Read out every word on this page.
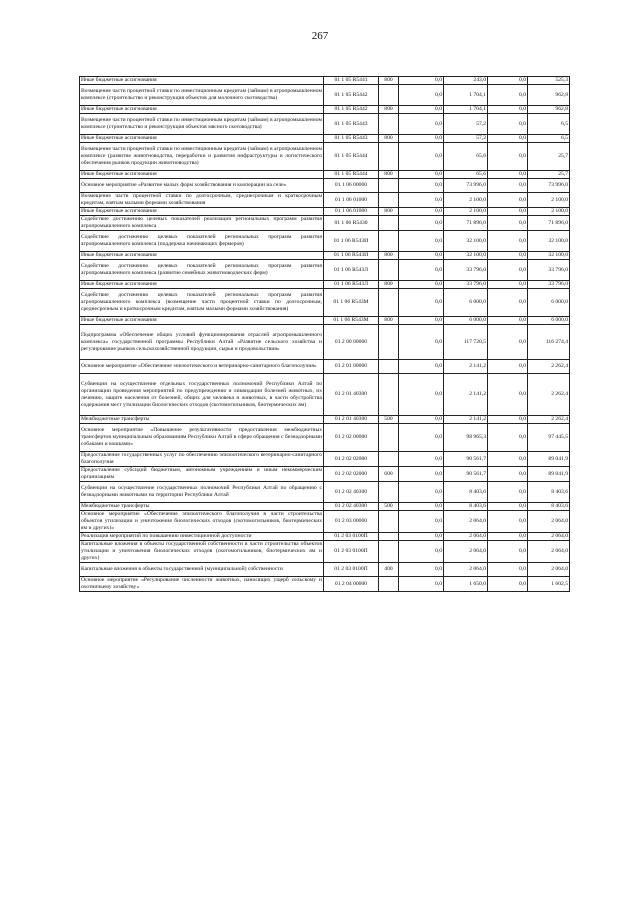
267
Иные бюджетные ассигнования	01 1 05 R5441	800	0,0	243,0	0,0	525,3
Возмещение части процентной ставки по инвестиционным кредитам (займам) в агропромышленном комплексе (строительство и реконструкция объектов для молочного скотоводства)	01 1 05 R5442		0,0	1 704,1	0,0	962,8
Иные бюджетные ассигнования	01 1 05 R5442	800	0,0	1 704,1	0,0	962,8
Возмещение части процентной ставки по инвестиционным кредитам (займам) в агропромышленном комплексе (строительство и реконструкция объектов мясного скотоводства)	01 1 05 R5443		0,0	57,2	0,0	6,5
Иные бюджетные ассигнования	01 1 05 R5443	800	0,0	57,2	0,0	6,5
Возмещение части процентной ставки по инвестиционным кредитам (займам) в агропромышленном комплексе (развитие животноводства, переработки и развития инфраструктуры и логистического обеспечения рынков продукции животноводства)	01 1 05 R5444		0,0	65,6	0,0	25,7
Иные бюджетные ассигнования	01 1 05 R5444	800	0,0	65,6	0,0	25,7
Основное мероприятие «Развитие малых форм хозяйствования и кооперации на селе»	01 1 06 00000		0,0	73 996,0	0,0	73 996,0
Возмещение части процентной ставки по долгосрочным, среднесрочным и краткосрочным кредитам, взятым малыми формами хозяйствования	01 1 06 01000		0,0	2 100,0	0,0	2 100,0
Иные бюджетные ассигнования	01 1 06 01000	800	0,0	2 100,0	0,0	2 100,0
Содействие достижению целевых показателей реализации региональных программ развития агропромышленного комплекса	01 1 06 R5430		0,0	71 896,0	0,0	71 896,0
Содействие достижению целевых показателей региональных программ развития агропромышленного комплекса (поддержка начинающих фермеров)	01 1 06 R543И		0,0	32 100,0	0,0	32 100,0
Иные бюджетные ассигнования	01 1 06 R543И	800	0,0	32 100,0	0,0	32 100,0
Содействие достижению целевых показателей региональных программ развития агропромышленного комплекса (развитие семейных животноводческих ферм)	01 1 06 R543Л		0,0	33 796,0	0,0	33 796,0
Иные бюджетные ассигнования	01 1 06 R543Л	800	0,0	33 796,0	0,0	33 796,0
Содействие достижению целевых показателей региональных программ развития агропромышленного комплекса (возмещение части процентной ставки по долгосрочным, среднесрочным и краткосрочным кредитам, взятым малыми формами хозяйствования)	01 1 06 R543М		0,0	6 000,0	0,0	6 000,0
Иные бюджетные ассигнования	01 1 06 R543М	800	0,0	6 000,0	0,0	6 000,0
Подпрограмма «Обеспечение общих условий функционирования отраслей агропромышленного комплекса» государственной программы Республики Алтай «Развитие сельского хозяйства и регулирование рынков сельскохозяйственной продукции, сырья и продовольствия»	01 2 00 00000		0,0	117 720,5	0,0	116 274,4
Основное мероприятие «Обеспечение эпизоотического и ветеринарно-санитарного благополучия»	01 2 01 00000		0,0	2 141,2	0,0	2 262,4
Субвенции на осуществление отдельных государственных полномочий Республики Алтай по организации проведения мероприятий по предупреждению и ликвидации болезней животных, их лечению, защите населения от болезней, общих для человека и животных, в части обустройства содержания мест утилизации биологических отходов (скотомогильников, биотермических ям)	01 2 01 40300		0,0	2 141,2	0,0	2 262,4
Межбюджетные трансферты	01 2 01 40300	500	0,0	2 141,2	0,0	2 262,4
Основное мероприятие «Повышение результативности предоставления межбюджетных трансфертов муниципальным образованиям Республики Алтай в сфере обращения с безнадзорными собаками и кошками»	01 2 02 00000		0,0	98 965,3	0,0	97 445,5
Предоставление государственных услуг по обеспечению эпизоотического ветеринарно-санитарного благополучия	01 2 02 02000		0,0	90 561,7	0,0	89 041,9
Предоставление субсидий бюджетным, автономным учреждениям и иным некоммерческим организациям	01 2 02 02000	600	0,0	90 561,7	0,0	89 041,9
Субвенции на осуществление государственных полномочий Республики Алтай по обращению с безнадзорными животными на территории Республики Алтай	01 2 02 40300		0,0	8 403,6	0,0	8 403,6
Межбюджетные трансферты	01 2 02 40300	500	0,0	8 403,6	0,0	8 403,6
Основное мероприятие «Обеспечение эпизоотического благополучия в части строительства объектов утилизации и уничтожения биологических отходов (скотомогильников, биотермических ям и других)»	01 2 03 00000		0,0	2 064,0	0,0	2 064,0
Реализация мероприятий по повышению инвестиционной доступности	01 2 03 0100П		0,0	2 064,0	0,0	2 064,0
Капитальные вложения в объекты государственной собственности в части строительства объектов утилизации и уничтожения биологических отходов (скотомогильников, биотермических ям и других)	01 2 03 0100П		0,0	2 064,0	0,0	2 064,0
Капитальные вложения в объекты государственной (муниципальной) собственности	01 2 03 0100П	400	0,0	2 064,0	0,0	2 064,0
Основное мероприятие «Регулирование численности животных, наносящих ущерб сельскому и охотничьему хозяйству»	01 2 04 00000		0,0	1 650,0	0,0	1 602,5
